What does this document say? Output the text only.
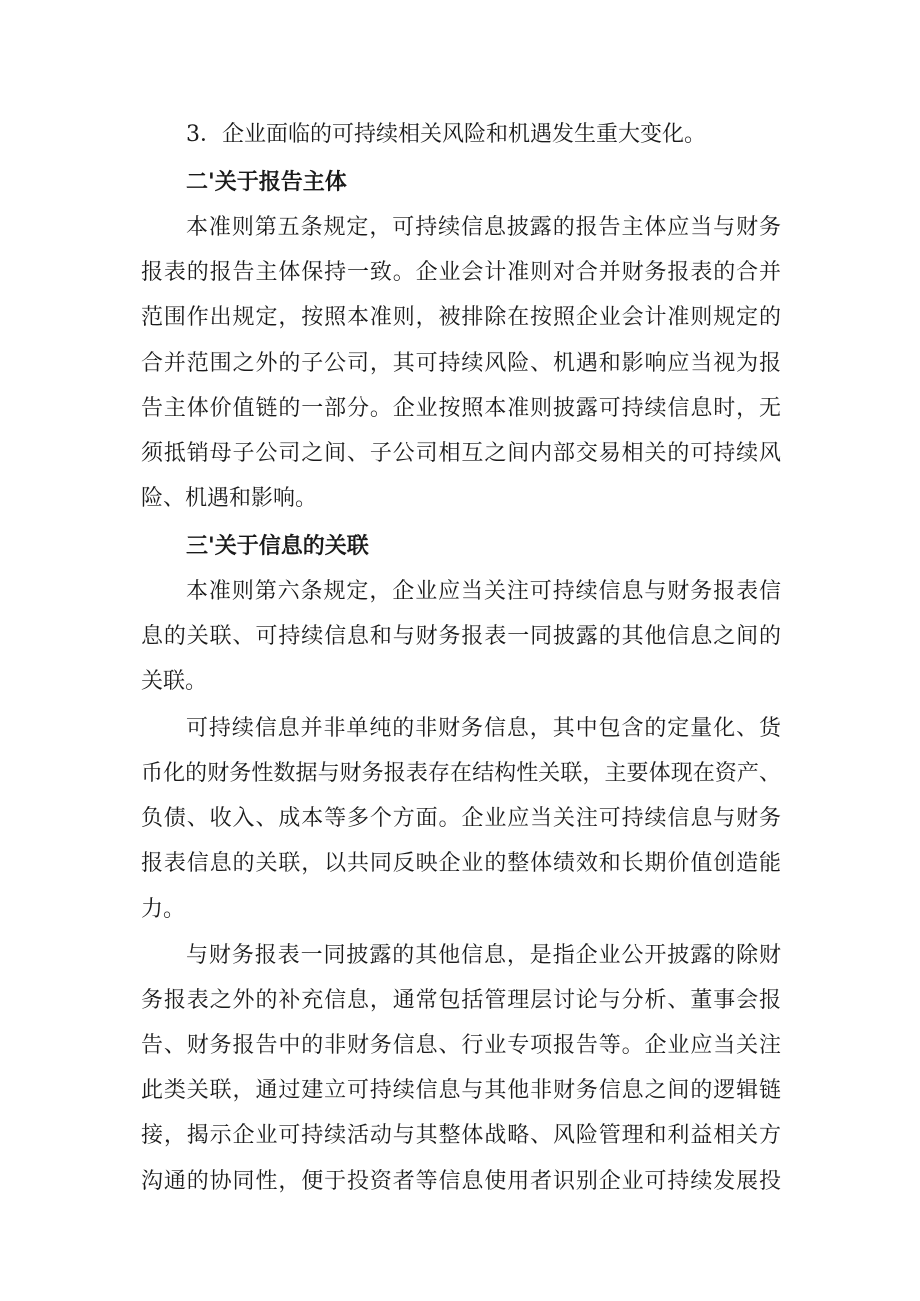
3．企业面临的可持续相关风险和机遇发生重大变化。
二'关于报告主体
本准则第五条规定，可持续信息披露的报告主体应当与财务
报表的报告主体保持一致。企业会计准则对合并财务报表的合并
范围作出规定，按照本准则，被排除在按照企业会计准则规定的
合并范围之外的子公司，其可持续风险、机遇和影响应当视为报
告主体价值链的一部分。企业按照本准则披露可持续信息时，无
须抵销母子公司之间、子公司相互之间内部交易相关的可持续风
险、机遇和影响。
三'关于信息的关联
本准则第六条规定，企业应当关注可持续信息与财务报表信
息的关联、可持续信息和与财务报表一同披露的其他信息之间的
关联。
可持续信息并非单纯的非财务信息，其中包含的定量化、货
币化的财务性数据与财务报表存在结构性关联，主要体现在资产、
负债、收入、成本等多个方面。企业应当关注可持续信息与财务
报表信息的关联，以共同反映企业的整体绩效和长期价值创造能
力。
与财务报表一同披露的其他信息，是指企业公开披露的除财
务报表之外的补充信息，通常包括管理层讨论与分析、董事会报
告、财务报告中的非财务信息、行业专项报告等。企业应当关注
此类关联，通过建立可持续信息与其他非财务信息之间的逻辑链
接，揭示企业可持续活动与其整体战略、风险管理和利益相关方
沟通的协同性，便于投资者等信息使用者识别企业可持续发展投
